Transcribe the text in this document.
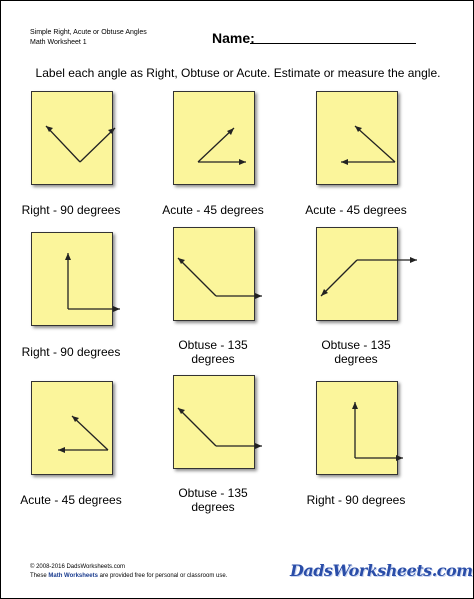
Simple Right, Acute or Obtuse Angles
Math Worksheet 1	Name:
Label each angle as Right, Obtuse or Acute. Estimate or measure the angle.
Right - 90 degrees	Acute - 45 degrees	Acute - 45 degrees
Right - 90 degrees	Obtuse - 135 degrees
Obtuse - 135 degrees
Acute - 45 degrees	Obtuse - 135 degrees	Right - 90 degrees
© 2008-2016 DadsWorksheets.com
These Math Worksheets are provided free for personal or classroom use.	DadsWorksheets.com
